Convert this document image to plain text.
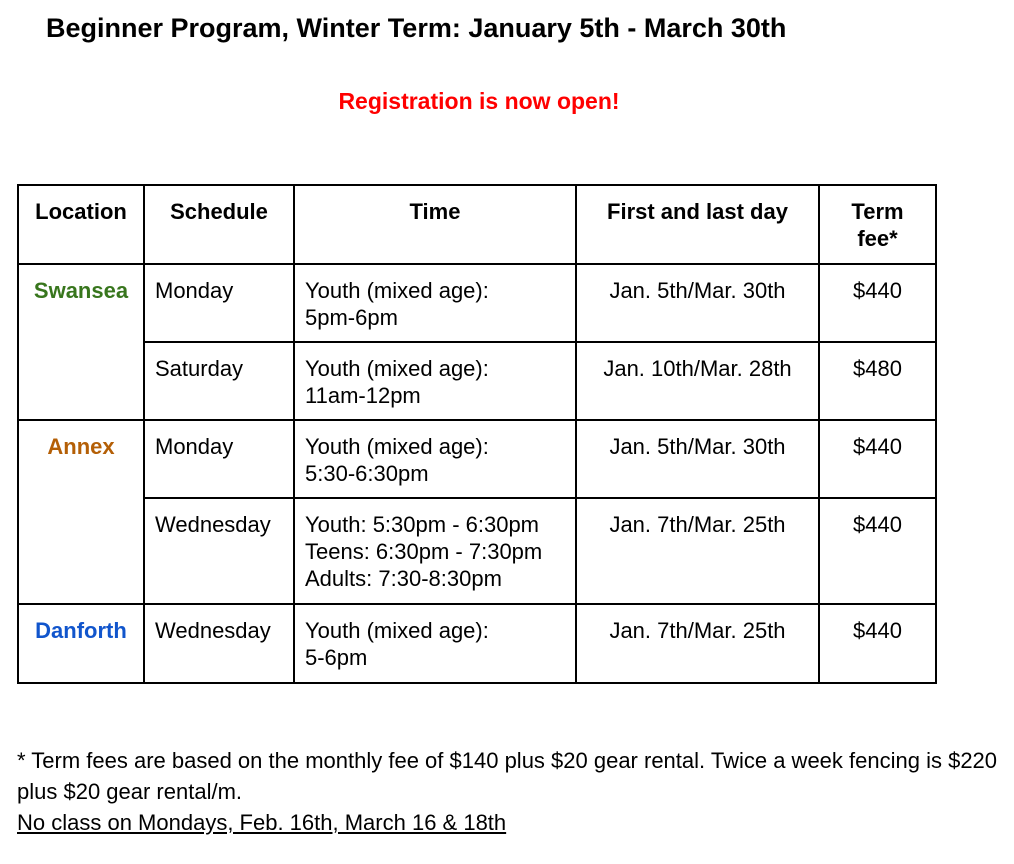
Beginner Program, Winter Term: January 5th - March 30th
Registration is now open!
Location	Schedule	Time	First and last day	Term fee*
Swansea	Monday	Youth (mixed age):
5pm-6pm	Jan. 5th/Mar. 30th	$440
	Saturday	Youth (mixed age):
11am-12pm	Jan. 10th/Mar. 28th	$480
Annex	Monday	Youth (mixed age):
5:30-6:30pm	Jan. 5th/Mar. 30th	$440
	Wednesday	Youth: 5:30pm - 6:30pm
Teens: 6:30pm - 7:30pm
Adults: 7:30-8:30pm	Jan. 7th/Mar. 25th	$440
Danforth	Wednesday	Youth (mixed age):
5-6pm	Jan. 7th/Mar. 25th	$440
* Term fees are based on the monthly fee of $140 plus $20 gear rental. Twice a week fencing is $220 plus $20 gear rental/m.
No class on Mondays, Feb. 16th, March 16 & 18th
